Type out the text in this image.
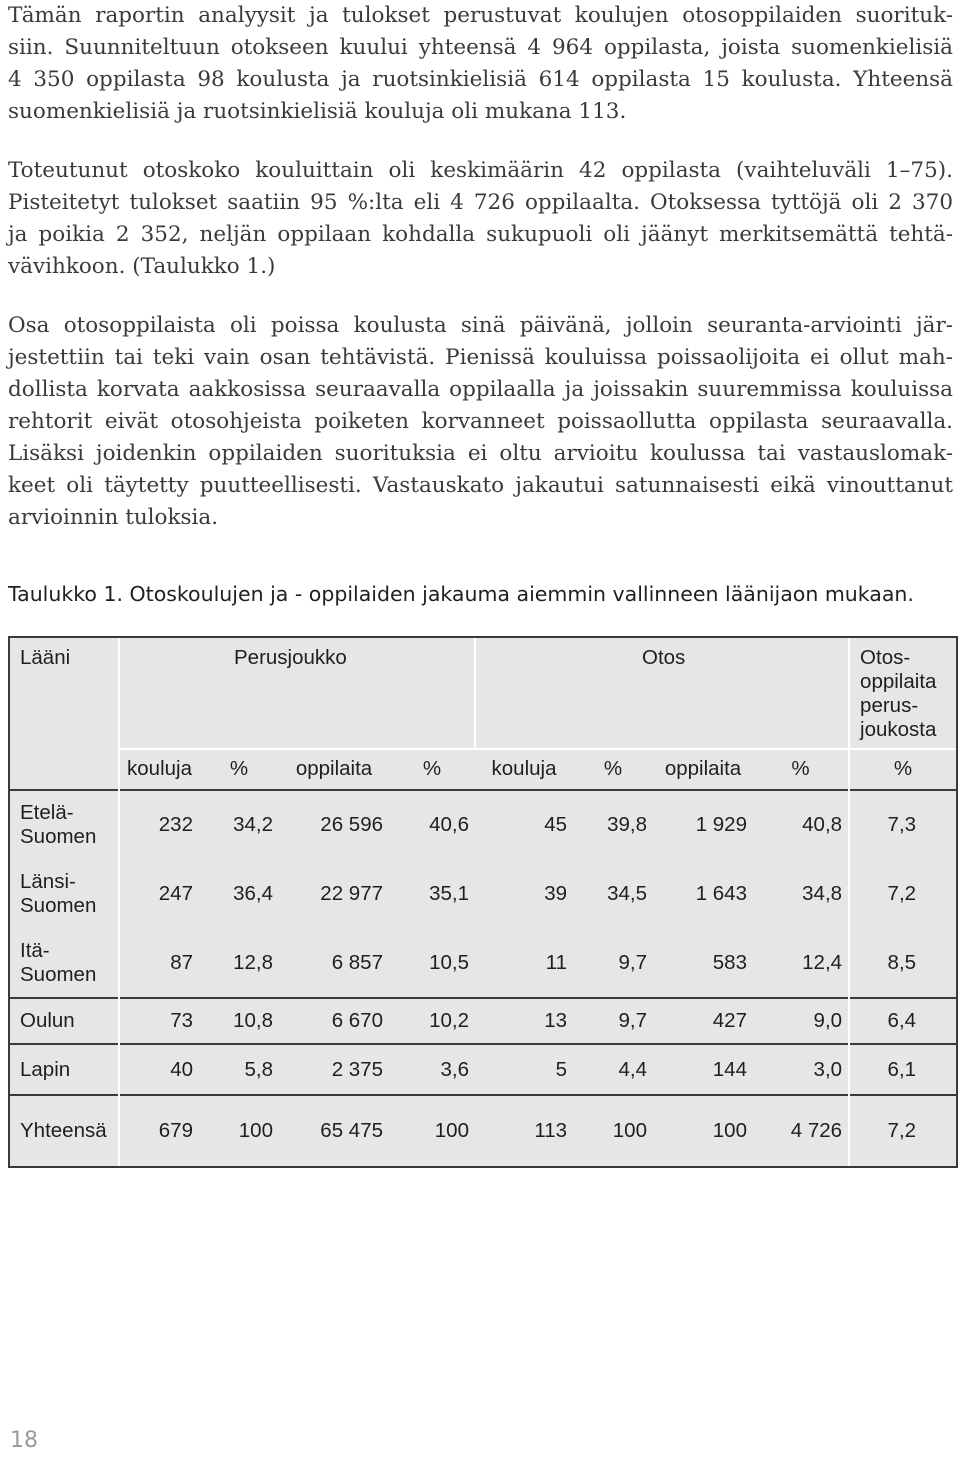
Tämän raportin analyysit ja tulokset perustuvat koulujen otosoppilaiden suorituk-
siin. Suunniteltuun otokseen kuului yhteensä 4 964 oppilasta, joista suomenkielisiä
4 350 oppilasta 98 koulusta ja ruotsinkielisiä 614 oppilasta 15 koulusta. Yhteensä
suomenkielisiä ja ruotsinkielisiä kouluja oli mukana 113.
Toteutunut otoskoko kouluittain oli keskimäärin 42 oppilasta (vaihteluväli 1–75).
Pisteitetyt tulokset saatiin 95 %:lta eli 4 726 oppilaalta. Otoksessa tyttöjä oli 2 370
ja poikia 2 352, neljän oppilaan kohdalla sukupuoli oli jäänyt merkitsemättä tehtä-
vävihkoon. (Taulukko 1.)
Osa otosoppilaista oli poissa koulusta sinä päivänä, jolloin seuranta-arviointi jär-
jestettiin tai teki vain osan tehtävistä. Pienissä kouluissa poissaolijoita ei ollut mah-
dollista korvata aakkosissa seuraavalla oppilaalla ja joissakin suuremmissa kouluissa
rehtorit eivät otosohjeista poiketen korvanneet poissaollutta oppilasta seuraavalla.
Lisäksi joidenkin oppilaiden suorituksia ei oltu arvioitu koulussa tai vastauslomak-
keet oli täytetty puutteellisesti. Vastauskato jakautui satunnaisesti eikä vinouttanut
arvioinnin tuloksia.
Taulukko 1. Otoskoulujen ja - oppilaiden jakauma aiemmin vallinneen läänijaon mukaan.
Lääni	Perusjoukko				Otos				Otos-oppilaita perus-joukosta
	kouluja	%	oppilaita	%	kouluja	%	oppilaita	%	%
Etelä-Suomen	232	34,2	26 596	40,6	45	39,8	1 929	40,8	7,3
Länsi-Suomen	247	36,4	22 977	35,1	39	34,5	1 643	34,8	7,2
Itä-Suomen	87	12,8	6 857	10,5	11	9,7	583	12,4	8,5
Oulun	73	10,8	6 670	10,2	13	9,7	427	9,0	6,4
Lapin	40	5,8	2 375	3,6	5	4,4	144	3,0	6,1
Yhteensä	679	100	65 475	100	113	100	100	4 726	7,2
18
